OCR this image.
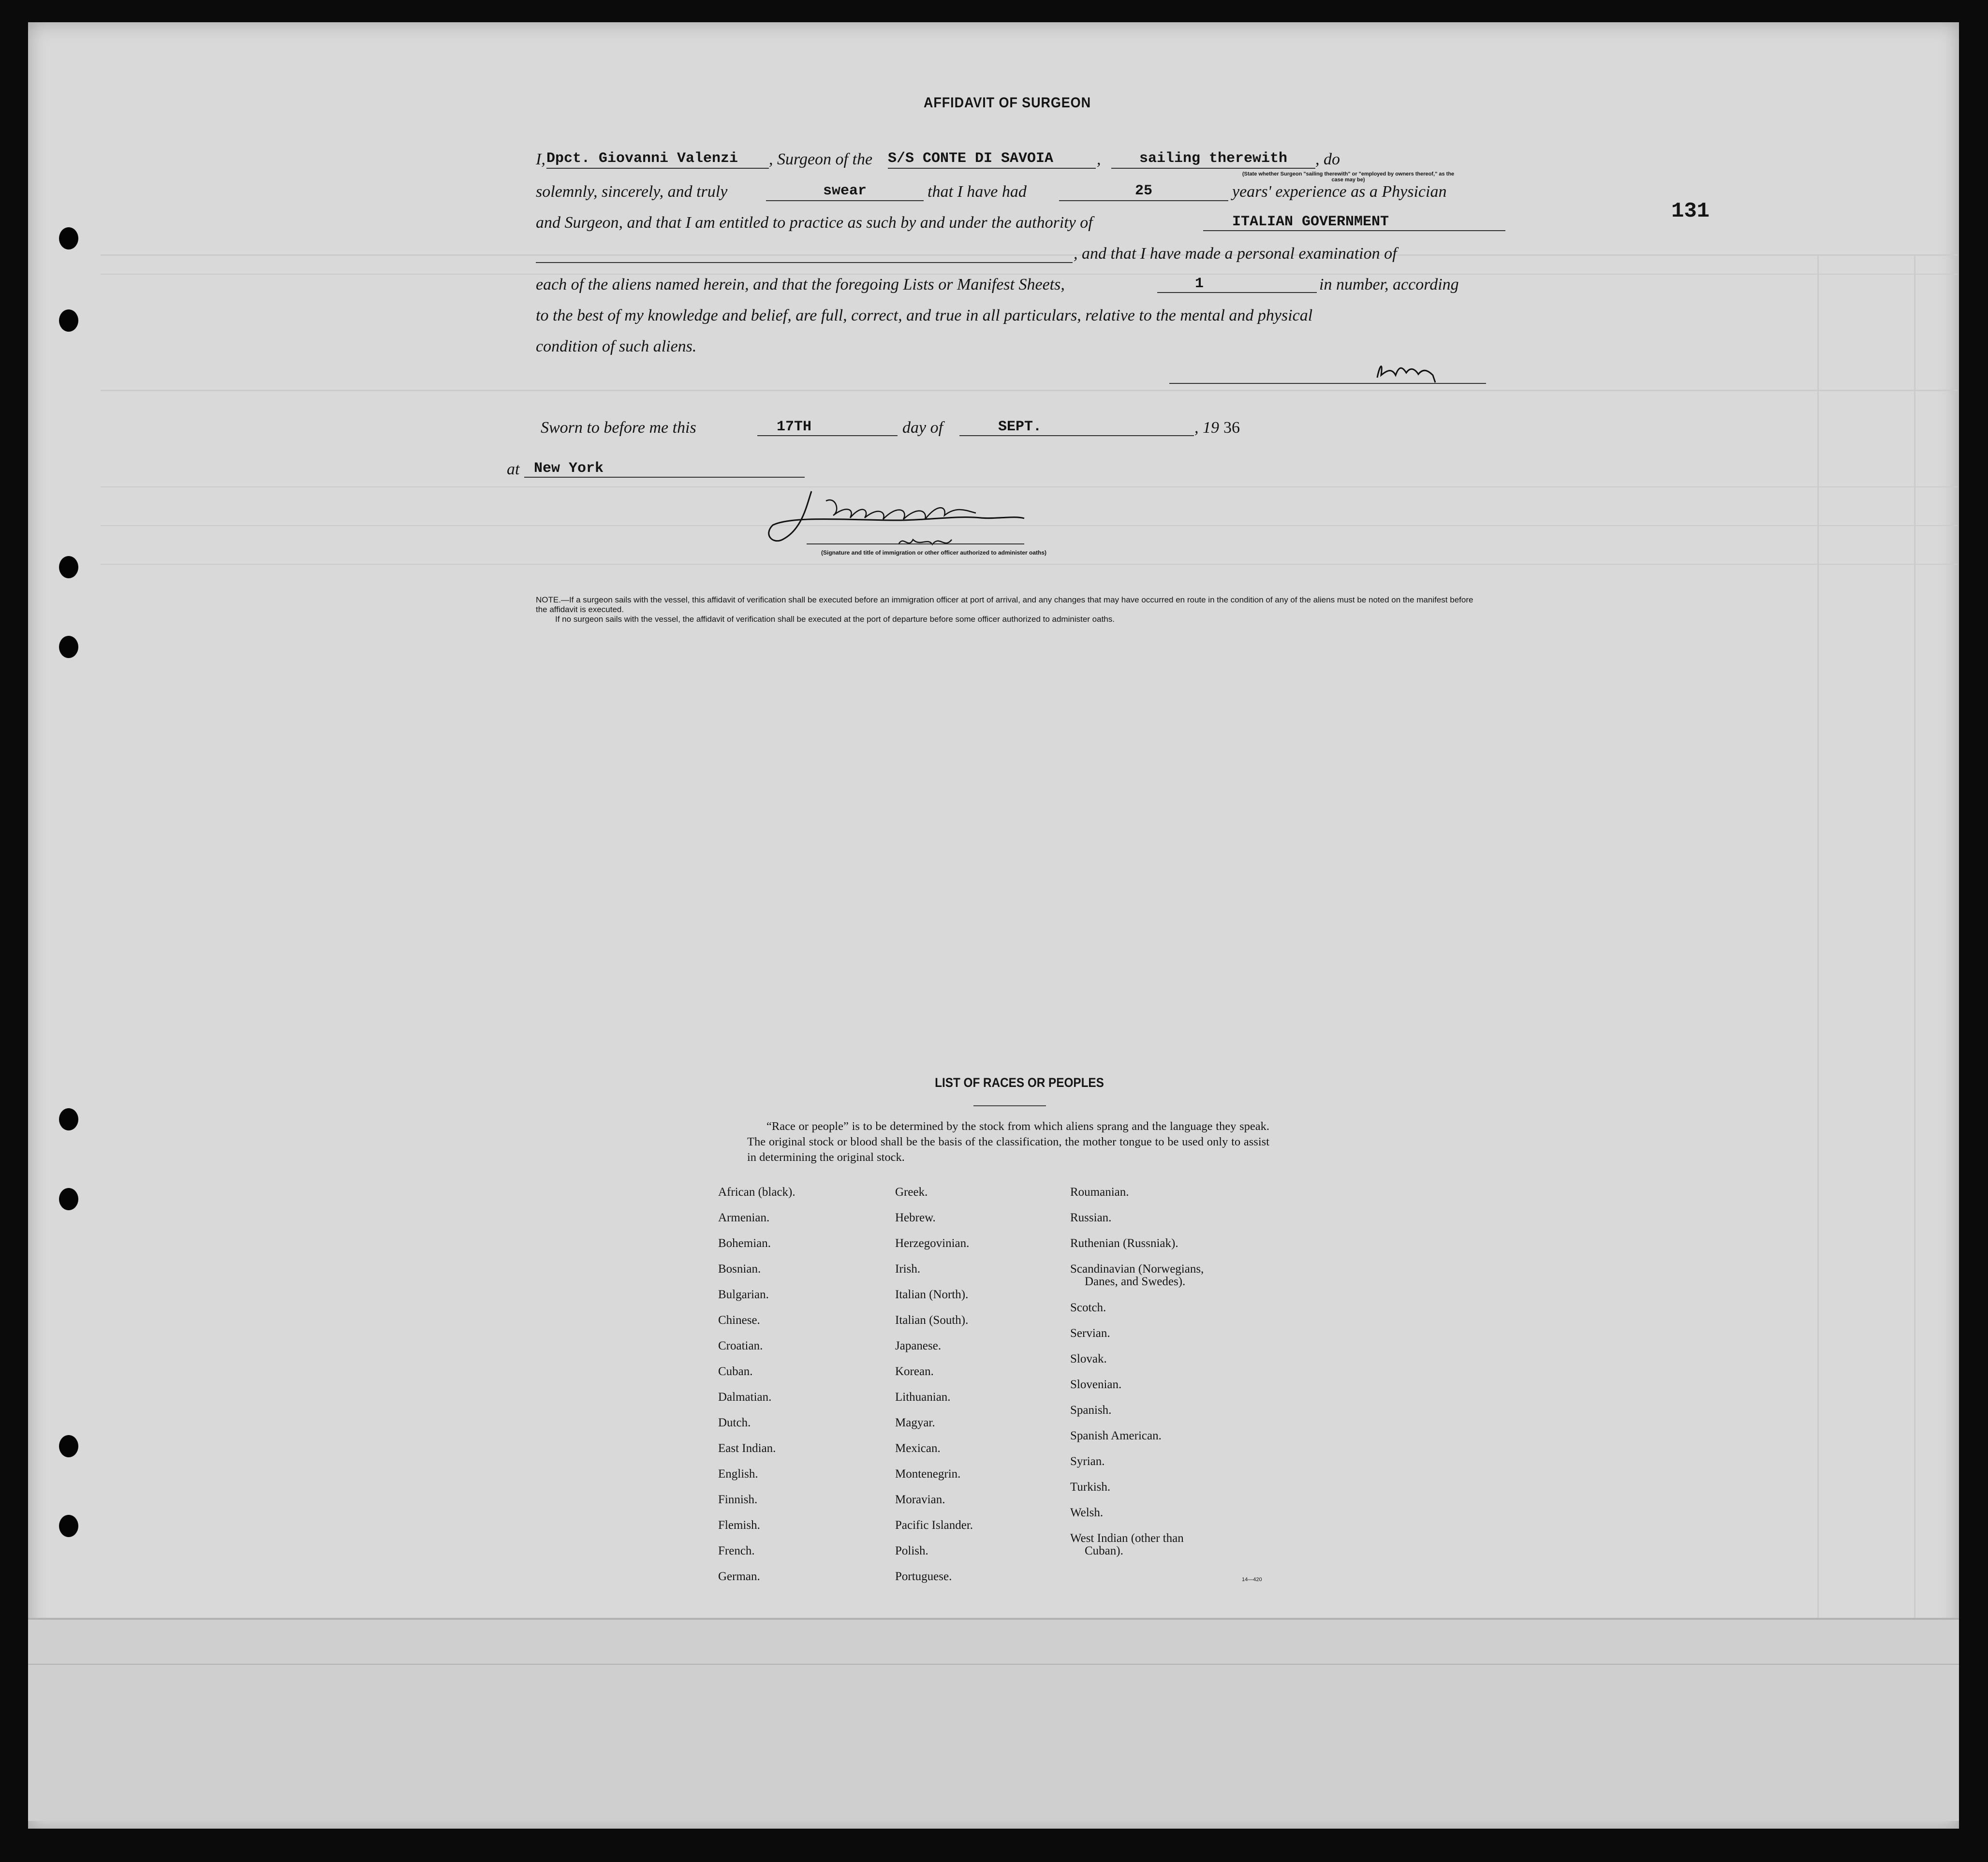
131
AFFIDAVIT OF SURGEON
I, Dpct. Giovanni Valenzi	, Surgeon of the S/S CONTE DI SAVOIA	,	sailing therewith	, do
(State whether Surgeon "sailing therewith" or "employed by owners thereof," as the case may be)
solemnly, sincerely, and truly	swear	that I have had	25	years' experience as a Physician
and Surgeon, and that I am entitled to practice as such by and under the authority of	ITALIAN GOVERNMENT
, and that I have made a personal examination of
each of the aliens named herein, and that the foregoing Lists or Manifest Sheets,	1	in number, according
to the best of my knowledge and belief, are full, correct, and true in all particulars, relative to the mental and physical
condition of such aliens.
Sworn to before me this	17TH	day of	SEPT.	, 19 36
at New York
(Signature and title of immigration or other officer authorized to administer oaths)

NOTE.—If a surgeon sails with the vessel, this affidavit of verification shall be executed before an immigration officer at port of arrival, and any changes that may have occurred en route in the condition of any of the aliens must be noted on the manifest before the affidavit is executed.

If no surgeon sails with the vessel, the affidavit of verification shall be executed at the port of departure before some officer authorized to administer oaths.

LIST OF RACES OR PEOPLES

“Race or people” is to be determined by the stock from which aliens sprang and the language they speak. The original stock or blood shall be the basis of the classification, the mother tongue to be used only to assist in determining the original stock.

African (black).
Armenian.
Bohemian.
Bosnian.
Bulgarian.
Chinese.
Croatian.
Cuban.
Dalmatian.
Dutch.
East Indian.
English.
Finnish.
Flemish.
French.
German.
Greek.
Hebrew.
Herzegovinian.
Irish.
Italian (North).
Italian (South).
Japanese.
Korean.
Lithuanian.
Magyar.
Mexican.
Montenegrin.
Moravian.
Pacific Islander.
Polish.
Portuguese.
Roumanian.
Russian.
Ruthenian (Russniak).
Scandinavian (Norwegians,
Danes, and Swedes).
Scotch.
Servian.
Slovak.
Slovenian.
Spanish.
Spanish American.
Syrian.
Turkish.
Welsh.
West Indian (other than
Cuban).
14—420
